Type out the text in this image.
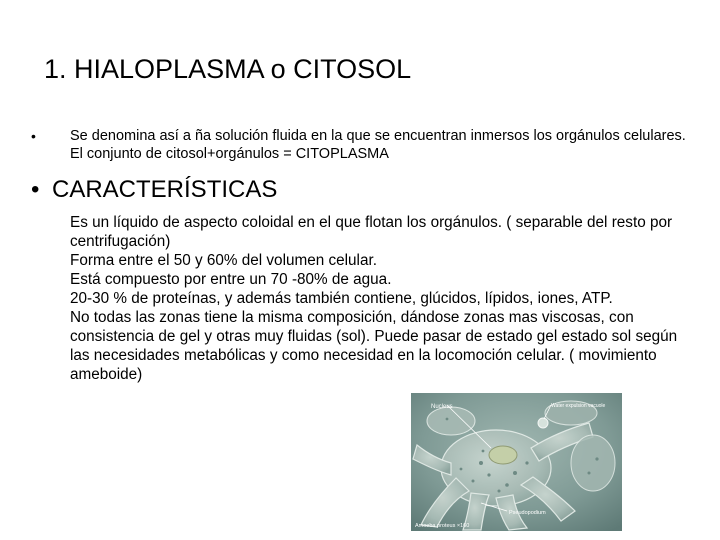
1. HIALOPLASMA o CITOSOL
• Se denomina así a ña solución fluida en la que se encuentran inmersos los orgánulos celulares. El conjunto de citosol+orgánulos = CITOPLASMA
• CARACTERÍSTICAS

Es un líquido de aspecto coloidal en el que flotan los orgánulos. ( separable del resto por centrifugación)

Forma entre el 50 y 60% del volumen celular.

Está compuesto por entre un 70 -80% de agua.

20-30 % de proteínas, y además también contiene, glúcidos, lípidos, iones, ATP.

No todas las zonas tiene la misma composición, dándose zonas mas viscosas, con consistencia de gel y otras muy fluidas (sol). Puede pasar de estado gel estado sol según las necesidades metabólicas y como necesidad en la locomoción celular. ( movimiento ameboide)

Nucleus	Water expulsion vacuole
Pseudopodium
Amoeba proteus ×160
